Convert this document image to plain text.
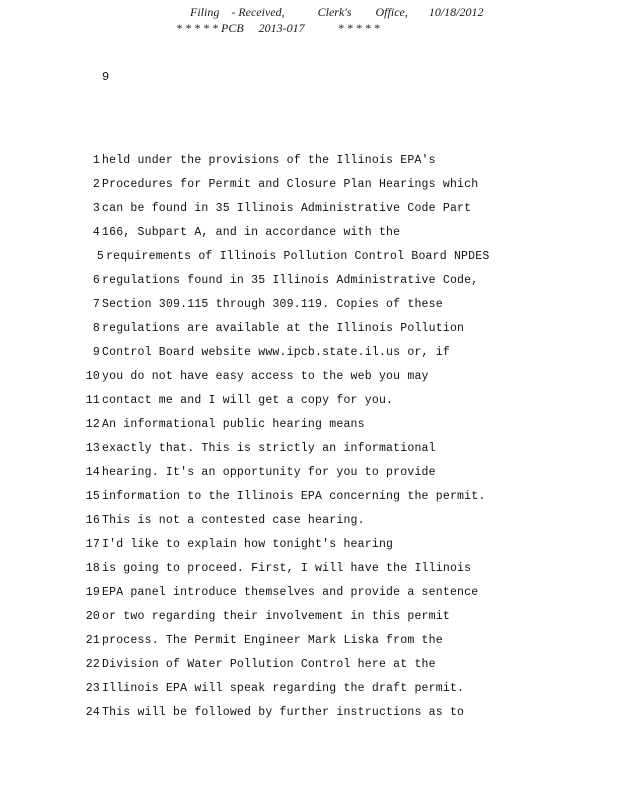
Filing    - Received,           Clerk's        Office,       10/18/2012
* * * * * PCB     2013-017           * * * * *
9
1 held under the provisions of the Illinois EPA's
2 Procedures for Permit and Closure Plan Hearings which
3 can be found in 35 Illinois Administrative Code Part
4 166, Subpart A, and in accordance with the
5 requirements of Illinois Pollution Control Board NPDES
6 regulations found in 35 Illinois Administrative Code,
7 Section 309.115 through 309.119. Copies of these
8 regulations are available at the Illinois Pollution
9 Control Board website www.ipcb.state.il.us or, if
10 you do not have easy access to the web you may
11 contact me and I will get a copy for you.
12An informational public hearing means
13 exactly that. This is strictly an informational
14 hearing. It's an opportunity for you to provide
15 information to the Illinois EPA concerning the permit.
16 This is not a contested case hearing.
17I'd like to explain how tonight's hearing
18 is going to proceed. First, I will have the Illinois
19 EPA panel introduce themselves and provide a sentence
20 or two regarding their involvement in this permit
21 process. The Permit Engineer Mark Liska from the
22 Division of Water Pollution Control here at the
23 Illinois EPA will speak regarding the draft permit.
24 This will be followed by further instructions as to
